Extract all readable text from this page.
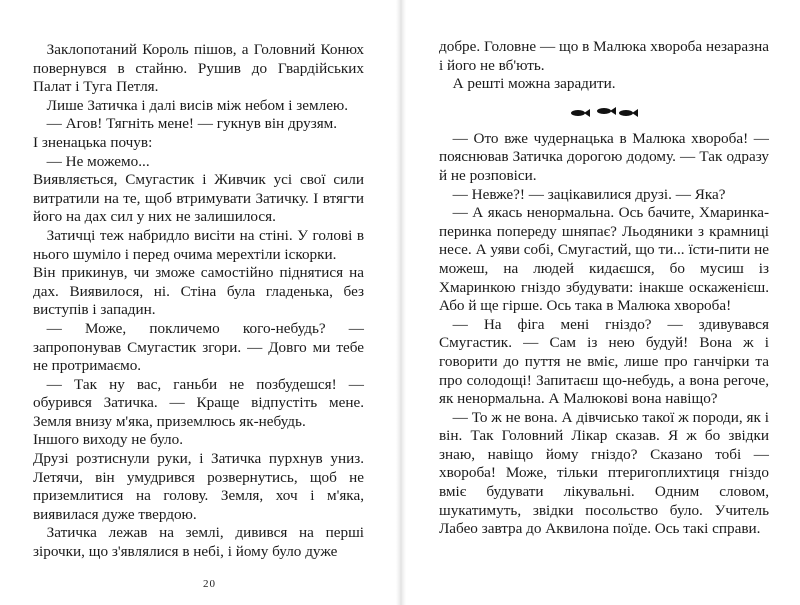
Заклопотаний Король пішов, а Головний Конюх повернувся в стайню. Рушив до Гвардійських Палат і Туга Петля.

Лише Затичка і далі висів між небом і землею.

— Агов! Тягніть мене! — гукнув він друзям.

І зненацька почув:

— Не можемо...

Виявляється, Смугастик і Живчик усі свої сили витратили на те, щоб втримувати Затичку. І втягти його на дах сил у них не залишилося.

Затичці теж набридло висіти на стіні. У голові в нього шуміло і перед очима мерехтіли іскорки.

Він прикинув, чи зможе самостійно піднятися на дах. Виявилося, ні. Стіна була гладенька, без виступів і западин.

— Може, покличемо кого-небудь? — запропонував Смугастик згори. — Довго ми тебе не протримаємо.

— Так ну вас, ганьби не позбудешся! — обурився Затичка. — Краще відпустіть мене. Земля внизу м'яка, приземлюсь як-небудь.

Іншого виходу не було.

Друзі розтиснули руки, і Затичка пурхнув униз. Летячи, він умудрився розвернутись, щоб не приземлитися на голову. Земля, хоч і м'яка, виявилася дуже твердою.

Затичка лежав на землі, дивився на перші зірочки, що з'являлися в небі, і йому було дуже

20

добре. Головне — що в Малюка хвороба незаразна і його не вб'ють.

А решті можна зарадити.

— Ото вже чудернацька в Малюка хвороба! — пояснював Затичка дорогою додому. — Так одразу й не розповіси.

— Невже?! — зацікавилися друзі. — Яка?

— А якась ненормальна. Ось бачите, Хмаринка-перинка попереду шняпає? Льодяники з крамниці несе. А уяви собі, Смугастий, що ти... їсти-пити не можеш, на людей кидаєшся, бо мусиш із Хмаринкою гніздо збудувати: інакше оскаженієш. Або й ще гірше. Ось така в Малюка хвороба!

— На фіга мені гніздо? — здивувався Смугастик. — Сам із нею будуй! Вона ж і говорити до пуття не вміє, лише про ганчірки та про солодощі! Запитаєш що-небудь, а вона регоче, як ненормальна. А Малюкові вона навіщо?

— То ж не вона. А дівчисько такої ж породи, як і він. Так Головний Лікар сказав. Я ж бо звідки знаю, навіщо йому гніздо? Сказано тобі — хвороба! Може, тільки птеригоплихтиця гніздо вміє будувати лікувальні. Одним словом, шукатимуть, звідки посольство було. Учитель Лабео завтра до Аквилона поїде. Ось такі справи.
